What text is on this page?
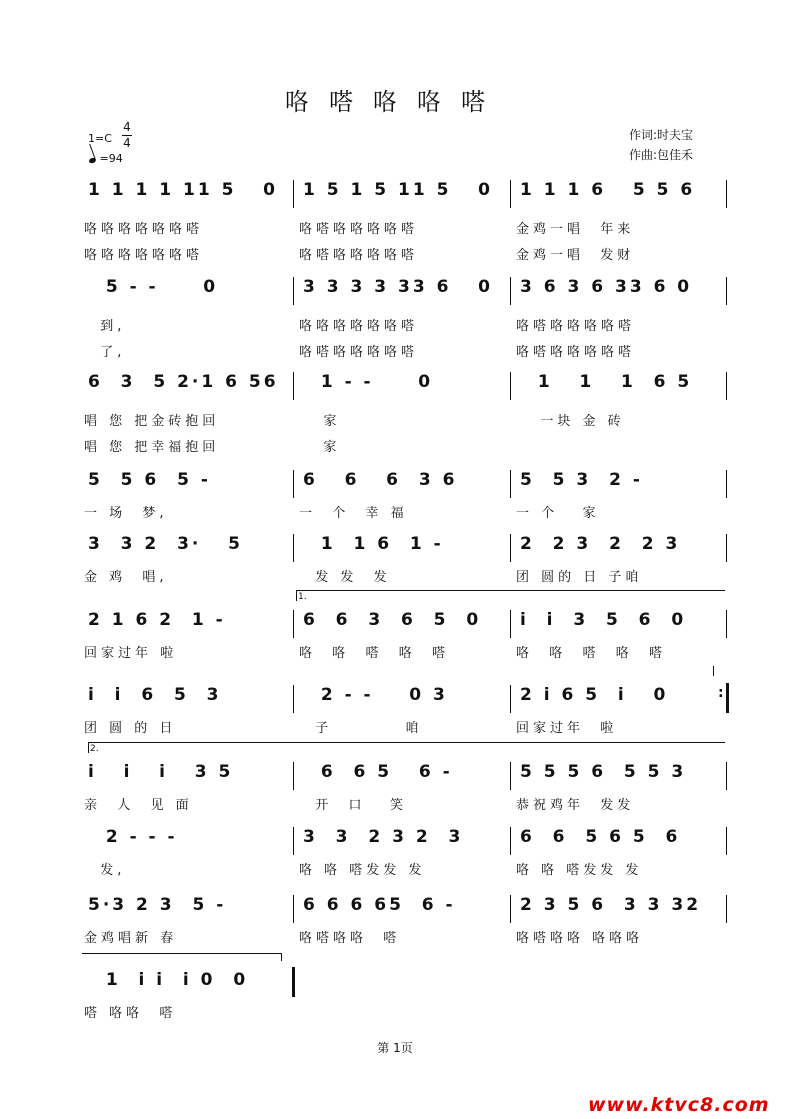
咯嗒咯咯嗒
1=C
4
4
=94
作词:时夫宝
作曲:包佳禾
1 1 1 1 11 5   0	1 5 1 5 11 5   0	1 1 1 6   5 5 6
咯咯咯咯咯咯嗒	咯嗒咯咯咯咯嗒	金鸡一唱  年来
咯咯咯咯咯咯嗒	咯嗒咯咯咯咯嗒	金鸡一唱  发财
5 - -     0	3 3 3 3 33 6   0	3 6 3 6 33 6 0
到,	咯咯咯咯咯咯嗒	咯嗒咯咯咯咯嗒
了,	咯嗒咯咯咯咯嗒	咯嗒咯咯咯咯嗒
6  3  5 2·1 6 56	1 - -     0	1   1   1  6 5
唱 您 把金砖抱回	家	一块 金 砖
唱 您 把幸福抱回	家
5  5 6  5 -	6   6   6  3 6	5  5 3  2 -
一 场  梦,	一  个  幸 福	一 个   家
3  3 2  3·   5	1  1 6  1 -	2  2 3  2  2 3
金 鸡  唱,	发 发  发	团 圆的 日 子咱
2 1 6 2  1 -	6  6  3  6  5  0	i  i  3  5  6  0
回家过年 啦	咯  咯  嗒  咯  嗒	咯  咯  嗒  咯  嗒
i  i  6  5  3	2 - -    0 3	2 i 6 5  i   0
团 圆 的 日	子         咱	回家过年  啦
i   i   i   3 5	6  6 5   6 -	5 5 5 6  5 5 3
亲  人  见 面	开  口   笑	恭祝鸡年  发发
2 - - -	3  3  2 3 2  3	6  6  5 6 5  6
发,	咯 咯 嗒发发 发	咯 咯 嗒发发 发
5·3 2 3  5 -	6 6 6 65  6 -	2 3 5 6  3 3 32
金鸡唱新 春	咯嗒咯咯  嗒	咯嗒咯咯 咯咯咯
1  i i  i 0  0
嗒 咯咯  嗒
1.
2.
:
第 1页
www.ktvc8.com
